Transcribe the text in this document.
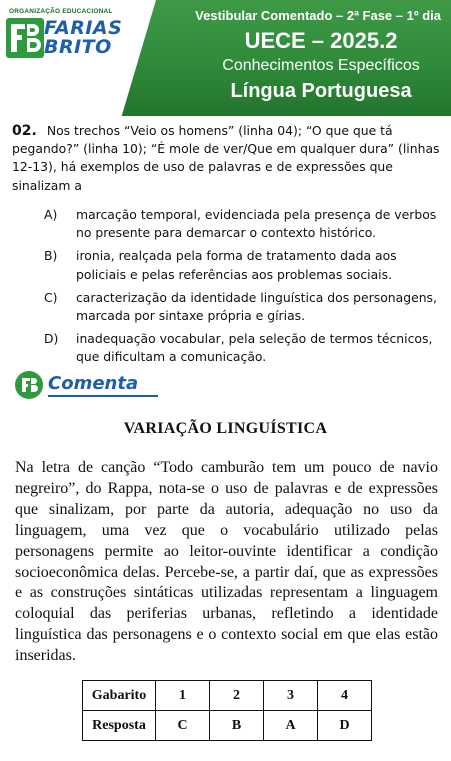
ORGANIZAÇÃO EDUCACIONAL
FARIAS
BRITO
Vestibular Comentado – 2ª Fase – 1º dia
UECE – 2025.2
Conhecimentos Específicos
Língua Portuguesa
02. Nos trechos “Veio os homens” (linha 04); “O que que tá pegando?” (linha 10); “É mole de ver/Que em qualquer dura” (linhas 12-13), há exemplos de uso de palavras e de expressões que sinalizam a
A) marcação temporal, evidenciada pela presença de verbos no presente para demarcar o contexto histórico.
B) ironia, realçada pela forma de tratamento dada aos policiais e pelas referências aos problemas sociais.
C) caracterização da identidade linguística dos personagens, marcada por sintaxe própria e gírias.
D) inadequação vocabular, pela seleção de termos técnicos, que dificultam a comunicação.
Comenta
VARIAÇÃO LINGUÍSTICA
Na letra de canção “Todo camburão tem um pouco de navio negreiro”, do Rappa, nota-se o uso de palavras e de expressões que sinalizam, por parte da autoria, adequação no uso da linguagem, uma vez que o vocabulário utilizado pelas personagens permite ao leitor-ouvinte identificar a condição socioeconômica delas. Percebe-se, a partir daí, que as expressões e as construções sintáticas utilizadas representam a linguagem coloquial das periferias urbanas, refletindo a identidade linguística das personagens e o contexto social em que elas estão inseridas.
Gabarito	1	2	3	4
Resposta	C	B	A	D
